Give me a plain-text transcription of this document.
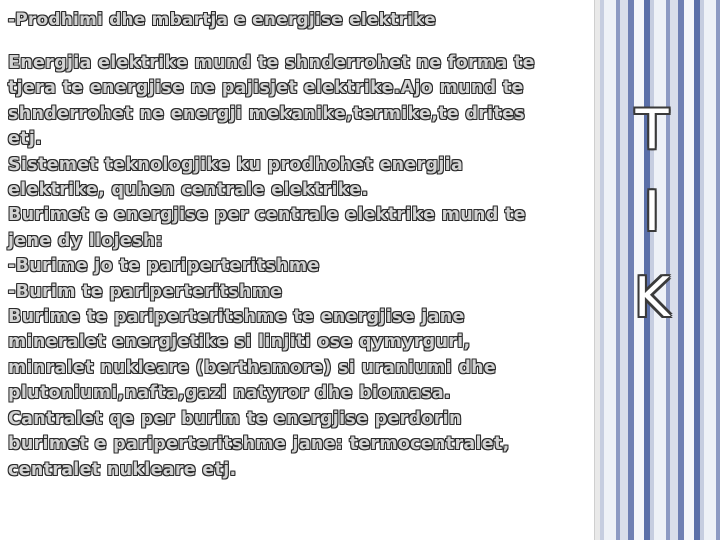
-Prodhimi dhe mbartja e energjise elektrike
Energjia elektrike mund te shnderrohet ne forma te
tjera te energjise ne pajisjet elektrike.Ajo mund te
shnderrohet ne energji mekanike,termike,te drites
etj.
Sistemet teknologjike ku prodhohet energjia
elektrike, quhen centrale elektrike.
Burimet e energjise per centrale elektrike mund te
jene dy llojesh:
-Burime jo te pariperteritshme
-Burim te pariperteritshme
Burime te pariperteritshme te energjise jane
mineralet energjetike si linjiti ose qymyrguri,
minralet nukleare (berthamore) si uraniumi dhe
plutoniumi,nafta,gazi natyror dhe biomasa.
Cantralet qe per burim te energjise perdorin
burimet e pariperteritshme jane: termocentralet,
centralet nukleare etj.
T
I
K
